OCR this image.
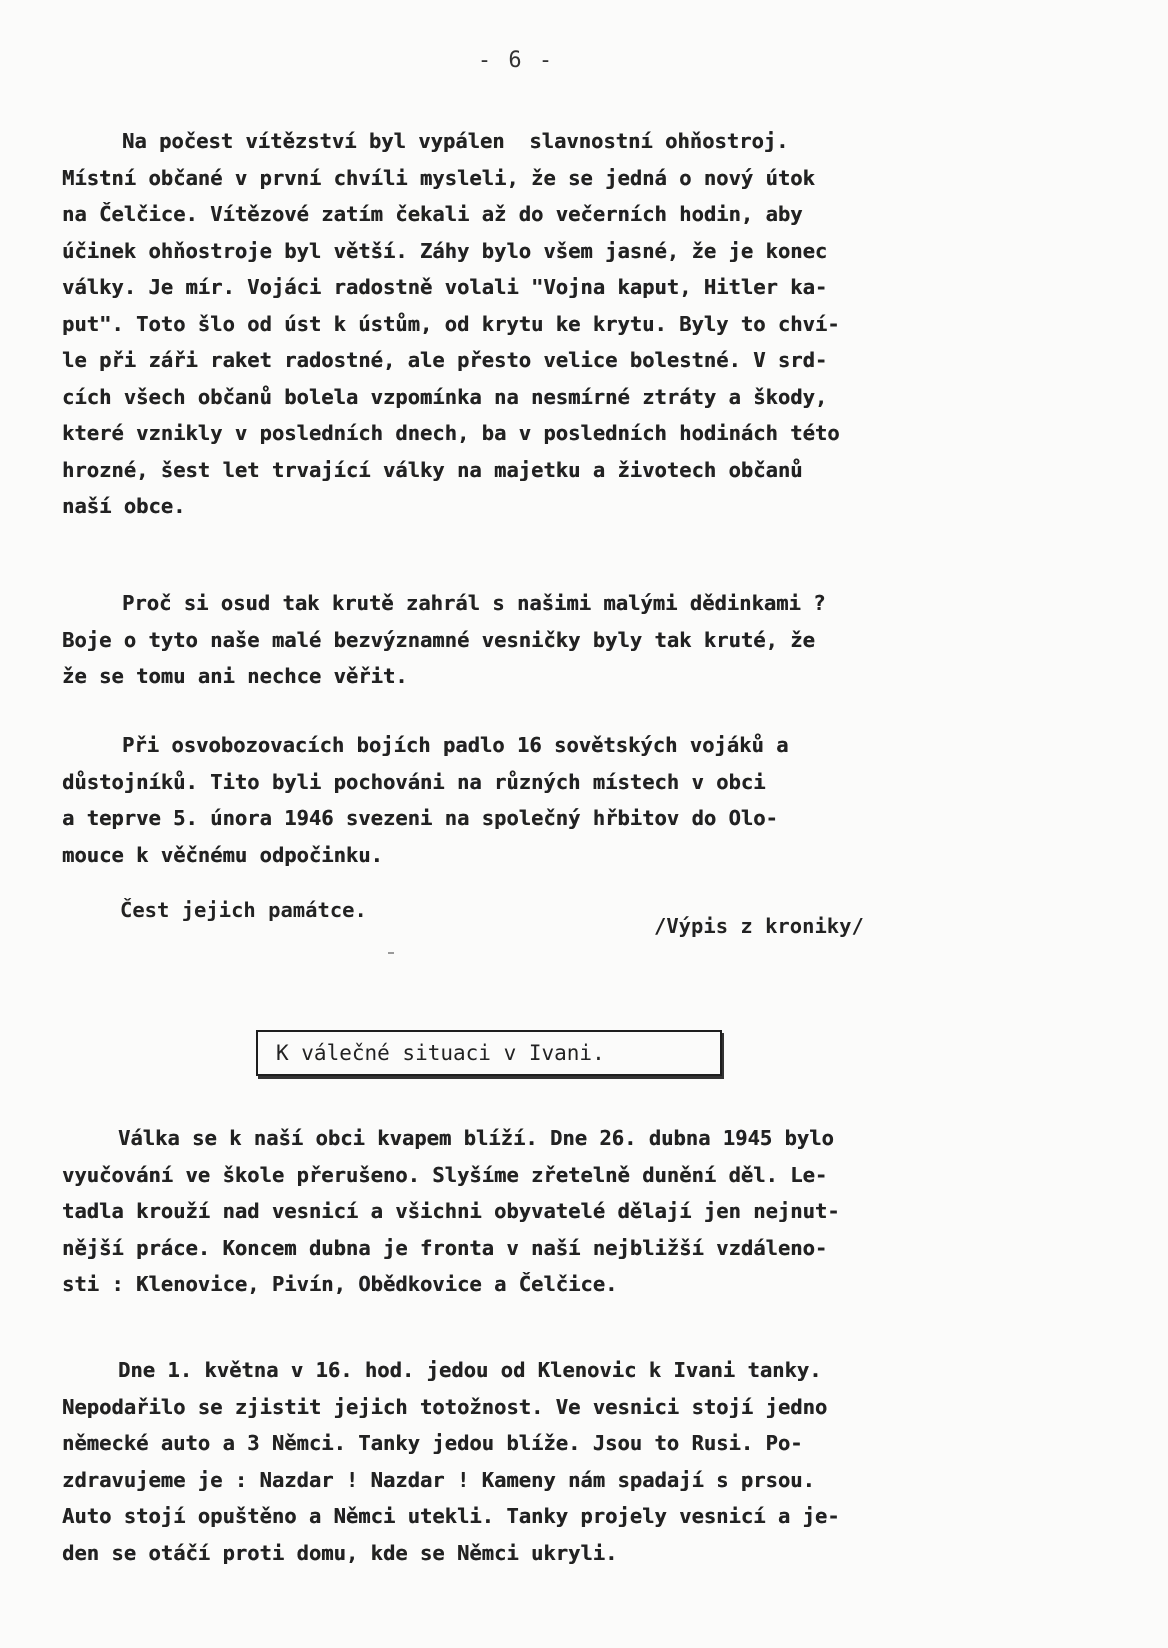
- 6 -
Na počest vítězství byl vypálen  slavnostní ohňostroj.
Místní občané v první chvíli mysleli, že se jedná o nový útok
na Čelčice. Vítězové zatím čekali až do večerních hodin, aby
účinek ohňostroje byl větší. Záhy bylo všem jasné, že je konec
války. Je mír. Vojáci radostně volali "Vojna kaput, Hitler ka-
put". Toto šlo od úst k ústům, od krytu ke krytu. Byly to chví-
le při záři raket radostné, ale přesto velice bolestné. V srd-
cích všech občanů bolela vzpomínka na nesmírné ztráty a škody,
které vznikly v posledních dnech, ba v posledních hodinách této
hrozné, šest let trvající války na majetku a životech občanů
naší obce.
Proč si osud tak krutě zahrál s našimi malými dědinkami ?
Boje o tyto naše malé bezvýznamné vesničky byly tak kruté, že
že se tomu ani nechce věřit.
Při osvobozovacích bojích padlo 16 sovětských vojáků a
důstojníků. Tito byli pochováni na různých místech v obci
a teprve 5. února 1946 svezeni na společný hřbitov do Olo-
mouce k věčnému odpočinku.
Čest jejich památce.
/Výpis z kroniky/
K válečné situaci v Ivani.
Válka se k naší obci kvapem blíží. Dne 26. dubna 1945 bylo
vyučování ve škole přerušeno. Slyšíme zřetelně dunění děl. Le-
tadla krouží nad vesnicí a všichni obyvatelé dělají jen nejnut-
nější práce. Koncem dubna je fronta v naší nejbližší vzdáleno-
sti : Klenovice, Pivín, Obědkovice a Čelčice.
Dne 1. května v 16. hod. jedou od Klenovic k Ivani tanky.
Nepodařilo se zjistit jejich totožnost. Ve vesnici stojí jedno
německé auto a 3 Němci. Tanky jedou blíže. Jsou to Rusi. Po-
zdravujeme je : Nazdar ! Nazdar ! Kameny nám spadají s prsou.
Auto stojí opuštěno a Němci utekli. Tanky projely vesnicí a je-
den se otáčí proti domu, kde se Němci ukryli.
